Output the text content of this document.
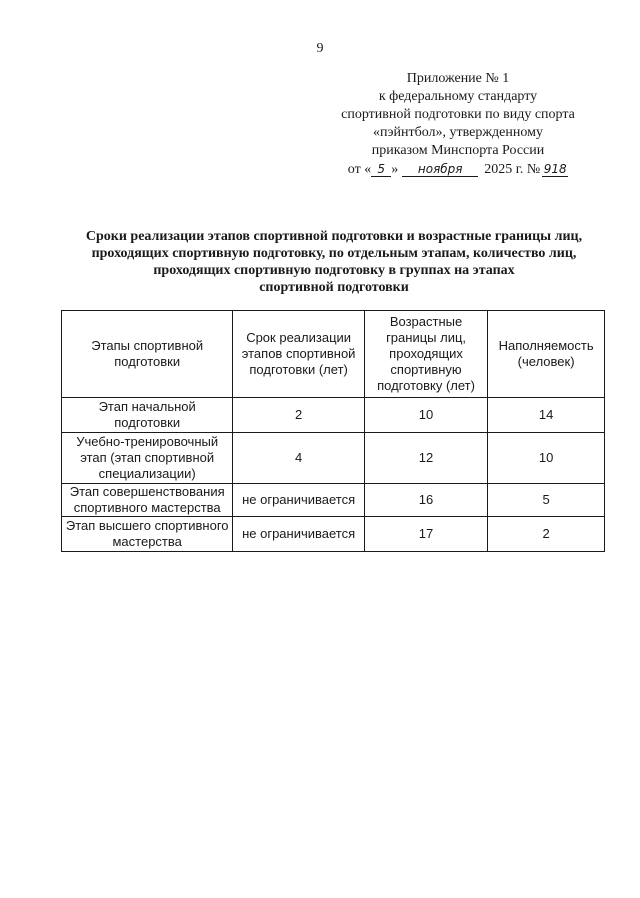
9
Приложение № 1
к федеральному стандарту
спортивной подготовки по виду спорта
«пэйнтбол», утвержденному
приказом Минспорта России
от « 5 » ноября 2025 г. № 918
Сроки реализации этапов спортивной подготовки и возрастные границы лиц,
проходящих спортивную подготовку, по отдельным этапам, количество лиц,
проходящих спортивную подготовку в группах на этапах
спортивной подготовки
Этапы спортивной подготовки	Срок реализации этапов спортивной подготовки (лет)	Возрастные границы лиц, проходящих спортивную подготовку (лет)	Наполняемость (человек)
Этап начальной подготовки	2	10	14
Учебно-тренировочный этап (этап спортивной специализации)	4	12	10
Этап совершенствования спортивного мастерства	не ограничивается	16	5
Этап высшего спортивного мастерства	не ограничивается	17	2
